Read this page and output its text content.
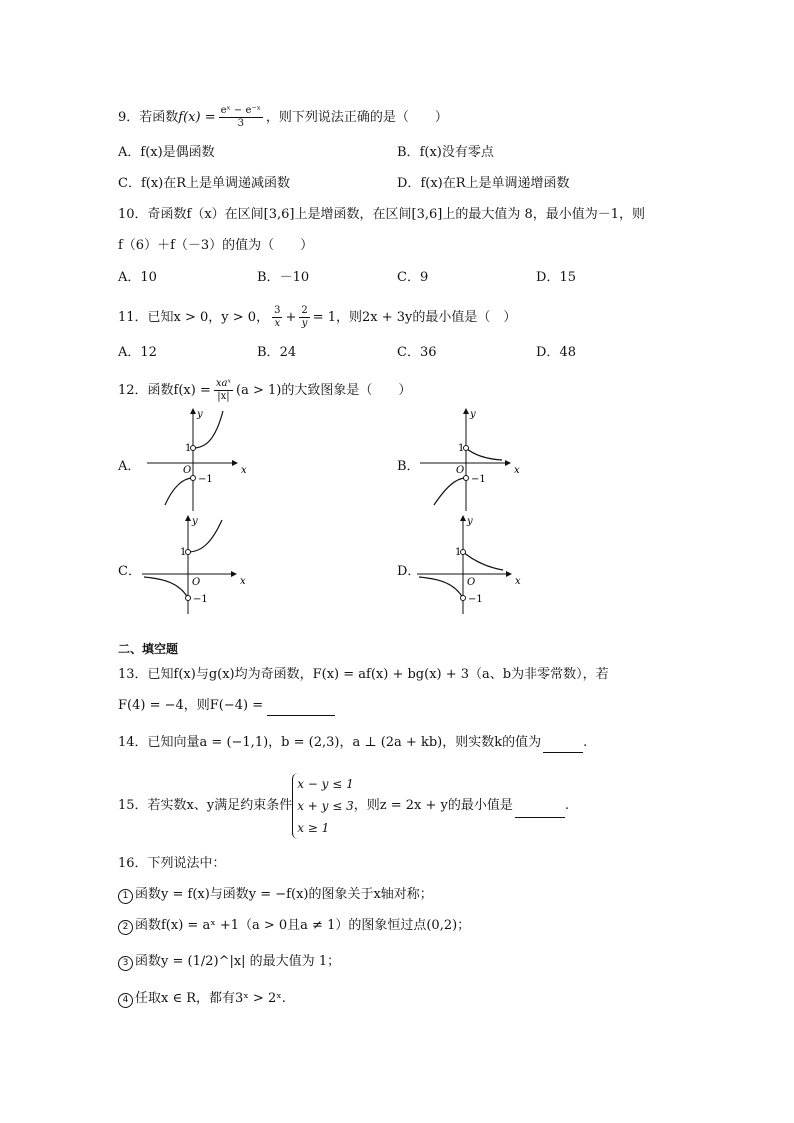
9．若函数$f(x) = \frac{\text{eˣ − e⁻ˣ}}{3}$ ，则下列说法正确的是（　　）
A．f(x)是偶函数	B．f(x)没有零点
C．f(x)在R上是单调递减函数	D．f(x)在R上是单调递增函数
10．奇函数f（x）在区间[3,6]上是增函数，在区间[3,6]上的最大值为 8，最小值为－1，则
f（6）＋f（－3）的值为（　　）
A．10	B．－10	C．9	D．15
11．已知x > 0，y > 0， $\frac{3}{x} + \frac{2}{y} = 1$，则2x + 3y的最小值是（　）
A．12	B．24	C．36	D．48
12．函数$f(x) = \frac{\text{xaˣ}}{|x|} (a > 1)$的大致图象是（　　）
A．	B．
C．	D．
x
y
O
1
−1
x
y
O
1
−1
x
y
O
1
−1
x
y
O
1
−1
二、填空题
13．已知f(x)与g(x)均为奇函数，F(x) = af(x) + bg(x) + 3（a、b为非零常数），若
F(4) = −4，则F(−4) =
14．已知向量a = (−1,1)，b = (2,3)，a ⊥ (2a + kb)，则实数k的值为	.
15．若实数x、y满足约束条件
x − y ≤ 1
x + y ≤ 3
x ≥ 1
，则z = 2x + y的最小值是	.
16．下列说法中：
1 函数y = f(x)与函数y = −f(x)的图象关于x轴对称；
2 函数f(x) = aˣ +1（a > 0且a ≠ 1）的图象恒过点(0,2)；
3 函数y = (1/2)^|x| 的最大值为 1；
4 任取x ∈ R，都有3ˣ > 2ˣ.
